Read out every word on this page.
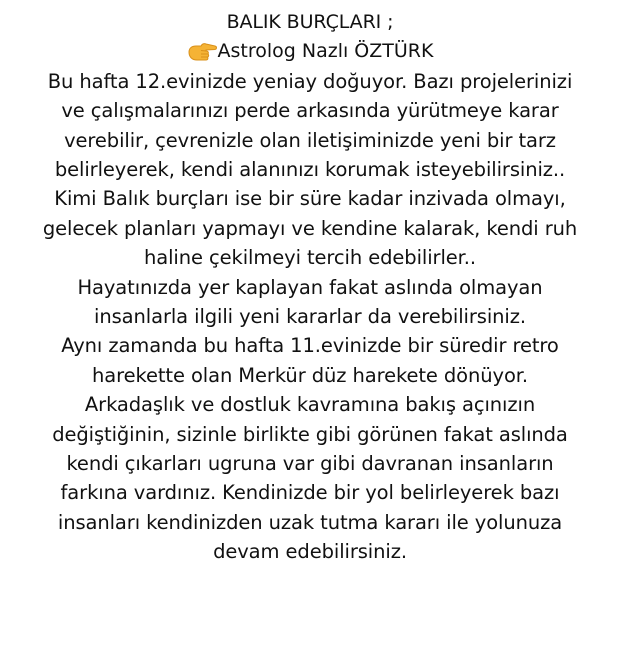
BALIK BURÇLARI ;
Astrolog Nazlı ÖZTÜRK
Bu hafta 12.evinizde yeniay doğuyor. Bazı projelerinizi
ve çalışmalarınızı perde arkasında yürütmeye karar
verebilir, çevrenizle olan iletişiminizde yeni bir tarz
belirleyerek, kendi alanınızı korumak isteyebilirsiniz..
Kimi Balık burçları ise bir süre kadar inzivada olmayı,
gelecek planları yapmayı ve kendine kalarak, kendi ruh
haline çekilmeyi tercih edebilirler..
Hayatınızda yer kaplayan fakat aslında olmayan
insanlarla ilgili yeni kararlar da verebilirsiniz.
Aynı zamanda bu hafta 11.evinizde bir süredir retro
harekette olan Merkür düz harekete dönüyor.
Arkadaşlık ve dostluk kavramına bakış açınızın
değiştiğinin, sizinle birlikte gibi görünen fakat aslında
kendi çıkarları ugruna var gibi davranan insanların
farkına vardınız. Kendinizde bir yol belirleyerek bazı
insanları kendinizden uzak tutma kararı ile yolunuza
devam edebilirsiniz.
